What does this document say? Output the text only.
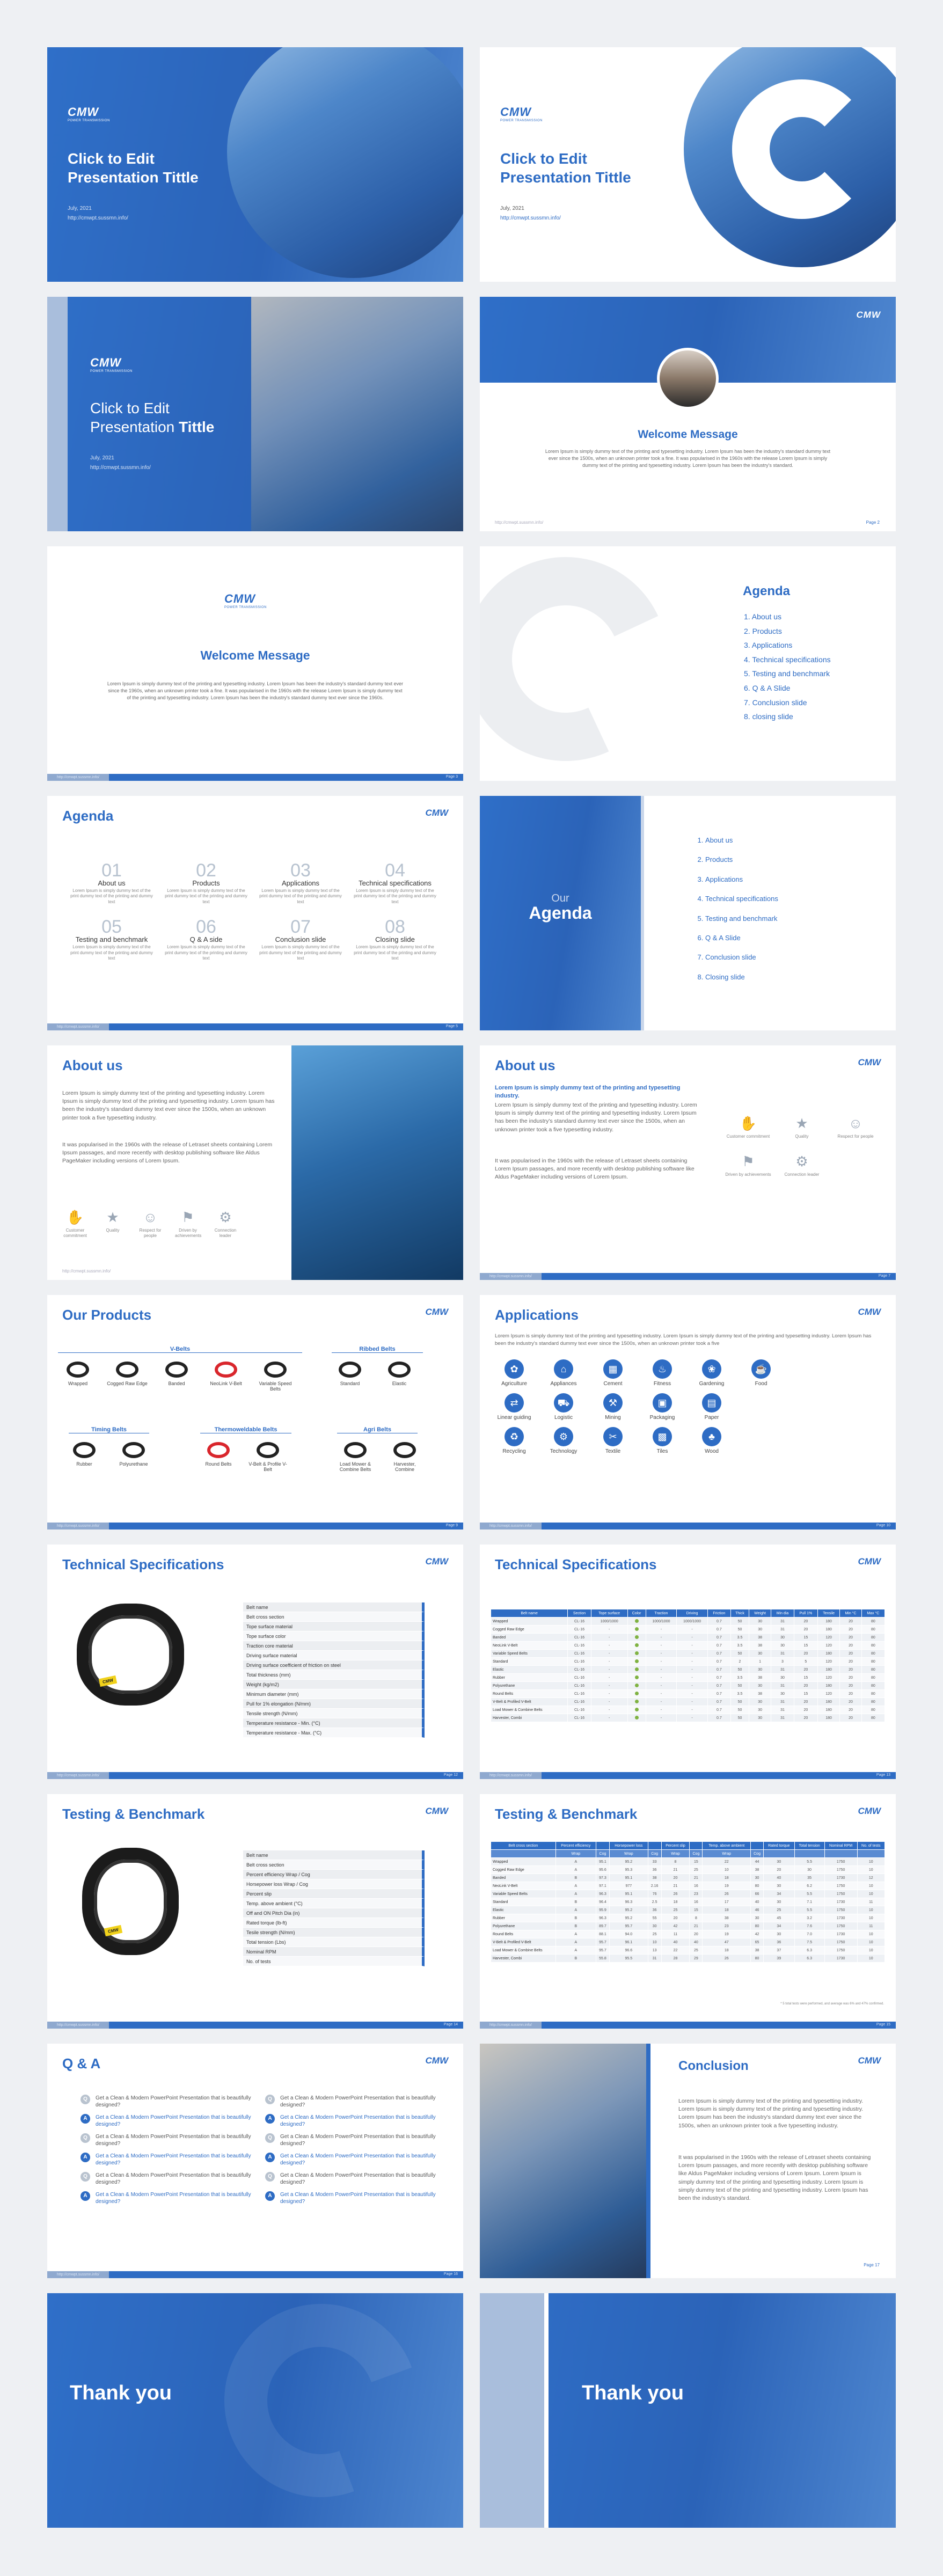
CMW
POWER TRANSMISSION
Click to Edit
Presentation Tittle
July, 2021
http://cmwpt.sussmn.info/
CMW
POWER TRANSMISSION
Click to Edit
Presentation Tittle
July, 2021
http://cmwpt.sussmn.info/
CMW
POWER TRANSMISSION
Click to Edit
Presentation Tittle
July, 2021
http://cmwpt.sussmn.info/
CMW
Welcome Message
Lorem Ipsum is simply dummy text of the printing and typesetting industry. Lorem Ipsum has been the industry's standard dummy text ever since the 1500s, when an unknown printer took a fine. It was popularised in the 1960s with the release Lorem Ipsum is simply dummy text of the printing and typesetting industry. Lorem Ipsum has been the industry's standard.
http://cmwpt.sussmn.info/	Page 2
CMW
POWER TRANSMISSION
Welcome Message
Lorem Ipsum is simply dummy text of the printing and typesetting industry. Lorem Ipsum has been the industry's standard dummy text ever since the 1960s, when an unknown printer took a fine. It was popularised in the 1960s with the release Lorem Ipsum is simply dummy text of the printing and typesetting industry. Lorem Ipsum has been the industry's standard dummy text ever since the 1960s.
http://cmwpt.sussmn.info/	Page 3
Agenda
1. About us
2. Products
3. Applications
4. Technical specifications
5. Testing and benchmark
6. Q & A Slide
7. Conclusion slide
8. closing slide
Agenda	CMW
01
About us
Lorem Ipsum is simply dummy text of the print dummy text of the printing and dummy text
02
Products
Lorem Ipsum is simply dummy text of the print dummy text of the printing and dummy text
03
Applications
Lorem Ipsum is simply dummy text of the print dummy text of the printing and dummy text
04
Technical specifications
Lorem Ipsum is simply dummy text of the print dummy text of the printing and dummy text
05
Testing and benchmark
Lorem Ipsum is simply dummy text of the print dummy text of the printing and dummy text
06
Q & A side
Lorem Ipsum is simply dummy text of the print dummy text of the printing and dummy text
07
Conclusion slide
Lorem Ipsum is simply dummy text of the print dummy text of the printing and dummy text
08
Closing slide
Lorem Ipsum is simply dummy text of the print dummy text of the printing and dummy text
http://cmwpt.sussmn.info/	Page 5
Our
Agenda
1. About us
2. Products
3. Applications
4. Technical specifications
5. Testing and benchmark
6. Q & A Slide
7. Conclusion slide
8. Closing slide
About us
Lorem Ipsum is simply dummy text of the printing and typesetting industry. Lorem Ipsum is simply dummy text of the printing and typesetting industry. Lorem Ipsum has been the industry's standard dummy text ever since the 1500s, when an unknown printer took a five typesetting industry.
It was popularised in the 1960s with the release of Letraset sheets containing Lorem Ipsum passages, and more recently with desktop publishing software like Aldus PageMaker including versions of Lorem Ipsum.
✋
Customer commitment
★
Quality
☺
Respect for people
⚑
Driven by achievements
⚙
Connection leader
http://cmwpt.sussmn.info/
About us	CMW
Lorem Ipsum is simply dummy text of the printing and typesetting industry.
Lorem Ipsum is simply dummy text of the printing and typesetting industry. Lorem Ipsum is simply dummy text of the printing and typesetting industry. Lorem Ipsum has been the industry's standard dummy text ever since the 1500s, when an unknown printer took a five typesetting industry.
It was popularised in the 1960s with the release of Letraset sheets containing Lorem Ipsum passages, and more recently with desktop publishing software like Aldus PageMaker including versions of Lorem Ipsum.
✋
Customer commitment
★
Quality
☺
Respect for people
⚑
Driven by achievements
⚙
Connection leader
http://cmwpt.sussmn.info/	Page 7
Our Products	CMW
V-Belts	Ribbed Belts
Wrapped	Cogged Raw Edge	Banded	NeoLink V-Belt	Variable Speed Belts
Standard	Elastic
Timing Belts	Thermoweldable Belts	Agri Belts
Rubber	Polyurethane	Round Belts	V-Belt & Profile V-Belt
Load Mower & Combine Belts
Harvester, Combine
http://cmwpt.sussmn.info/	Page 9
Applications	CMW
Lorem Ipsum is simply dummy text of the printing and typesetting industry. Lorem Ipsum is simply dummy text of the printing and typesetting industry. Lorem Ipsum has been the industry's standard dummy text ever since the 1500s, when an unknown printer took a five
✿
Agriculture
⌂
Appliances
▦
Cement
♨
Fitness
❀
Gardening
☕
Food
⇄
Linear guiding
⛟
Logistic
⚒
Mining
▣
Packaging
▤
Paper
♻
Recycling
⚙
Technology
✂
Textile
▩
Tiles
♣
Wood
http://cmwpt.sussmn.info/	Page 10
Technical Specifications	CMW
CMW
Belt name
Belt cross section
Tope surface material
Tope surface color
Traction core material
Driving surface material
Driving surface coefficient of friction on steel
Total thickness (mm)
Weight (kg/m2)
Minimum diameter (mm)
Pull for 1% elongation (N/mm)
Tensile strength (N/mm)
Temperature resistance - Min. (°C)
Temperature resistance - Max. (°C)
http://cmwpt.sussmn.info/	Page 12
Technical Specifications	CMW
Belt name	Section	Tope surface	Color	Traction	Driving	Friction	Thick	Weight	Min dia	Pull 1%	Tensile	Min °C	Max °C
Wrapped	CL-16	1000/1000		1000/1000	1000/1000	0.7	50	30	31	20	180	20	80
Cogged Raw Edge	CL-16	-		-	-	0.7	50	30	31	20	180	20	80
Banded	CL-16	-		-	-	0.7	3.5	38	30	15	120	20	80
NeoLink V-Belt	CL-16	-		-	-	0.7	3.5	38	30	15	120	20	80
Variable Speed Belts	CL-16	-		-	-	0.7	50	30	31	20	180	20	80
Standard	CL-16	-		-	-	0.7	2	1	3	5	120	20	80
Elastic	CL-16	-		-	-	0.7	50	30	31	20	180	20	80
Rubber	CL-16	-		-	-	0.7	3.5	38	30	15	120	20	80
Polyurethane	CL-16	-		-	-	0.7	50	30	31	20	180	20	80
Round Belts	CL-16	-		-	-	0.7	3.5	38	30	15	120	20	80
V-Belt & Profiled V-Belt	CL-16	-		-	-	0.7	50	30	31	20	180	20	80
Load Mower & Combine Belts	CL-16	-		-	-	0.7	50	30	31	20	180	20	80
Harvester, Combi	CL-16	-		-	-	0.7	50	30	31	20	180	20	80
http://cmwpt.sussmn.info/	Page 13
Testing & Benchmark	CMW
CMW
Belt name
Belt cross section
Percent efficiency Wrap / Cog
Horsepower loss Wrap / Cog
Percent slip
Temp. above ambient (°C)
Off and ON Pitch Dia (in)
Rated torque (lb-ft)
Tesile strength (N/mm)
Total tension (Lbs)
Nominal RPM
No. of tests
http://cmwpt.sussmn.info/	Page 14
Testing & Benchmark	CMW
Belt cross section	Percent efficiency		Horsepower loss		Percent slip		Temp. above ambient		Rated torque	Total tension	Nominal RPM	No. of tests
	Wrap	Cog	Wrap	Cog	Wrap	Cog	Wrap	Cog				
Wrapped	A	95.1	95.2	33	8	15	22	44	30	5.5	1750	10
Cogged Raw Edge	A	95.6	95.3	36	21	25	10	38	20	30	1750	10
Banded	B	97.3	95.1	38	20	21	18	30	40	35	1730	12
NeoLink V-Belt	A	97.1	977	2.16	21	16	19	80	30	6.2	1750	10
Variable Speed Belts	A	96.3	95.1	76	26	23	26	66	34	5.5	1750	10
Standard	B	96.4	96.3	2.5	18	16	17	40	30	7.1	1730	11
Elastic	A	95.9	95.2	36	25	15	18	46	25	5.5	1750	10
Rubber	B	96.3	95.2	55	20	8	38	30	45	3.2	1730	10
Polyurethane	B	89.7	95.7	30	42	21	23	80	34	7.6	1750	11
Round Belts	A	88.1	94.0	25	11	20	19	42	30	7.0	1730	10
V-Belt & Profiled V-Belt	A	95.7	96.1	10	40	40	47	65	36	7.5	1750	10
Load Mower & Combine Belts	A	95.7	96.6	13	22	25	18	38	37	6.3	1750	10
Harvester, Combi	B	55.8	95.5	31	28	29	26	80	39	6.3	1730	10
* 5 total tests were performed, and average was 6% and 47% confirmed.
http://cmwpt.sussmn.info/	Page 15
Q & A	CMW
Q	Get a Clean & Modern PowerPoint Presentation that is beautifully designed?
Q	Get a Clean & Modern PowerPoint Presentation that is beautifully designed?
A	Get a Clean & Modern PowerPoint Presentation that is beautifully designed?
A	Get a Clean & Modern PowerPoint Presentation that is beautifully designed?
Q	Get a Clean & Modern PowerPoint Presentation that is beautifully designed?
Q	Get a Clean & Modern PowerPoint Presentation that is beautifully designed?
A	Get a Clean & Modern PowerPoint Presentation that is beautifully designed?
A	Get a Clean & Modern PowerPoint Presentation that is beautifully designed?
Q	Get a Clean & Modern PowerPoint Presentation that is beautifully designed?
Q	Get a Clean & Modern PowerPoint Presentation that is beautifully designed?
A	Get a Clean & Modern PowerPoint Presentation that is beautifully designed?
A	Get a Clean & Modern PowerPoint Presentation that is beautifully designed?
http://cmwpt.sussmn.info/	Page 16
Conclusion	CMW
Lorem Ipsum is simply dummy text of the printing and typesetting industry. Lorem Ipsum is simply dummy text of the printing and typesetting industry. Lorem Ipsum has been the industry's standard dummy text ever since the 1500s, when an unknown printer took a five typesetting industry.
It was popularised in the 1960s with the release of Letraset sheets containing Lorem Ipsum passages, and more recently with desktop publishing software like Aldus PageMaker including versions of Lorem Ipsum. Lorem Ipsum is simply dummy text of the printing and typesetting industry. Lorem Ipsum is simply dummy text of the printing and typesetting industry. Lorem Ipsum has been the industry's standard.
Page 17
Thank you	Thank you
